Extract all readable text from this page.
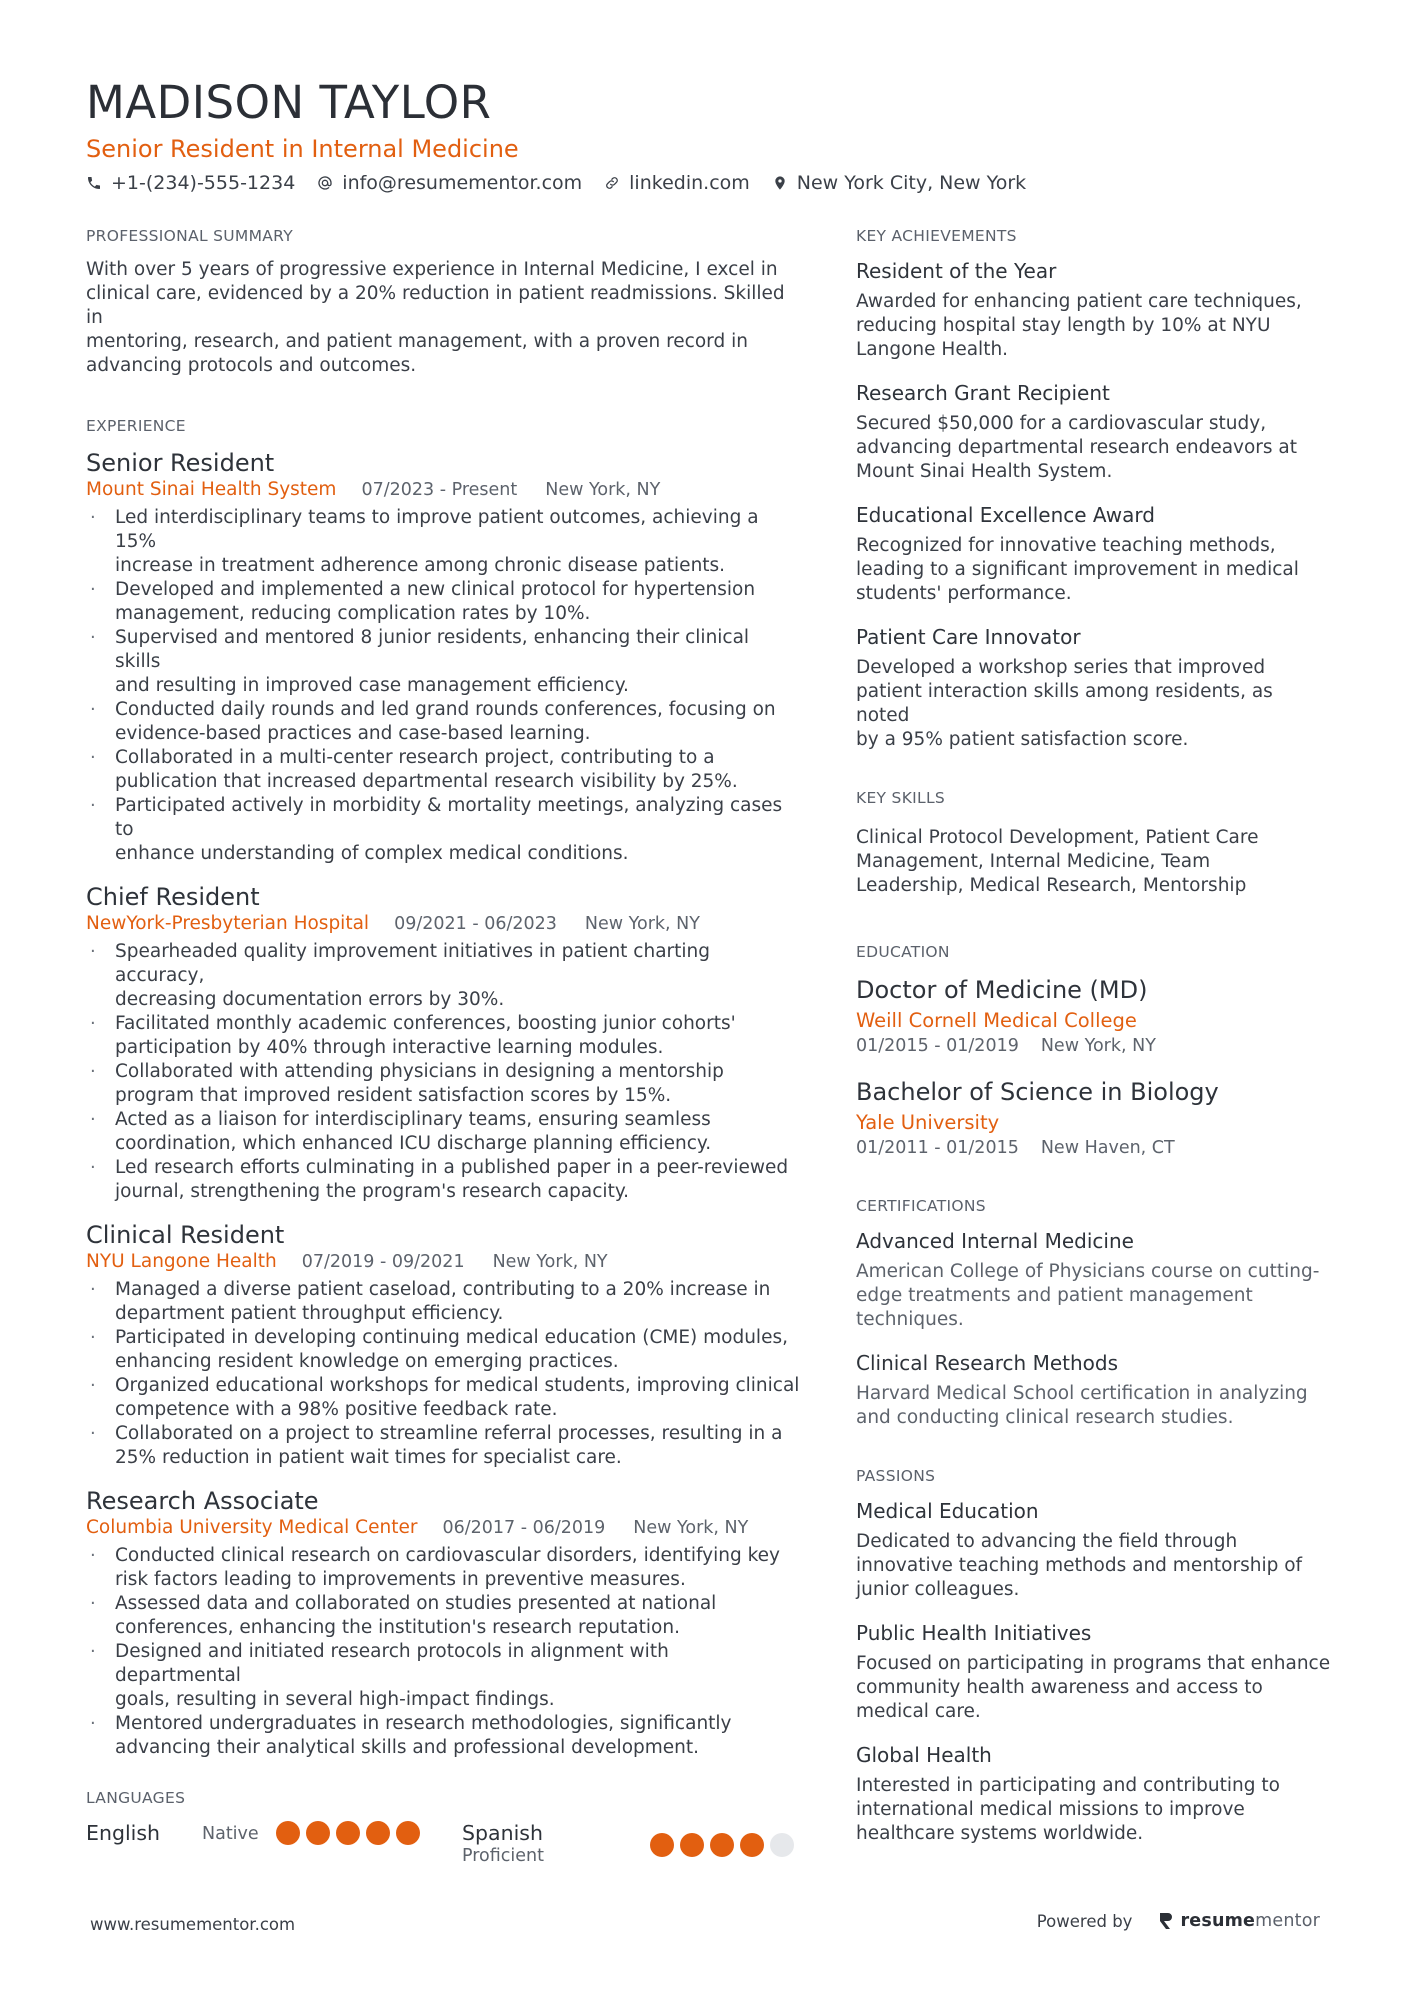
MADISON TAYLOR
Senior Resident in Internal Medicine
+1-(234)-555-1234 info@resumementor.com linkedin.com New York City, New York
PROFESSIONAL SUMMARY

With over 5 years of progressive experience in Internal Medicine, I excel in
clinical care, evidenced by a 20% reduction in patient readmissions. Skilled in
mentoring, research, and patient management, with a proven record in
advancing protocols and outcomes.

EXPERIENCE
Senior Resident
Mount Sinai Health System 07/2023 - Present New York, NY
· Led interdisciplinary teams to improve patient outcomes, achieving a 15%
increase in treatment adherence among chronic disease patients.
· Developed and implemented a new clinical protocol for hypertension
management, reducing complication rates by 10%.
· Supervised and mentored 8 junior residents, enhancing their clinical skills
and resulting in improved case management efficiency.
· Conducted daily rounds and led grand rounds conferences, focusing on
evidence-based practices and case-based learning.
· Collaborated in a multi-center research project, contributing to a
publication that increased departmental research visibility by 25%.
· Participated actively in morbidity & mortality meetings, analyzing cases to
enhance understanding of complex medical conditions.
Chief Resident
NewYork-Presbyterian Hospital 09/2021 - 06/2023 New York, NY
· Spearheaded quality improvement initiatives in patient charting accuracy,
decreasing documentation errors by 30%.
· Facilitated monthly academic conferences, boosting junior cohorts'
participation by 40% through interactive learning modules.
· Collaborated with attending physicians in designing a mentorship
program that improved resident satisfaction scores by 15%.
· Acted as a liaison for interdisciplinary teams, ensuring seamless
coordination, which enhanced ICU discharge planning efficiency.
· Led research efforts culminating in a published paper in a peer-reviewed
journal, strengthening the program's research capacity.
Clinical Resident
NYU Langone Health 07/2019 - 09/2021 New York, NY
· Managed a diverse patient caseload, contributing to a 20% increase in
department patient throughput efficiency.
· Participated in developing continuing medical education (CME) modules,
enhancing resident knowledge on emerging practices.
· Organized educational workshops for medical students, improving clinical
competence with a 98% positive feedback rate.
· Collaborated on a project to streamline referral processes, resulting in a
25% reduction in patient wait times for specialist care.
Research Associate
Columbia University Medical Center 06/2017 - 06/2019 New York, NY
· Conducted clinical research on cardiovascular disorders, identifying key
risk factors leading to improvements in preventive measures.
· Assessed data and collaborated on studies presented at national
conferences, enhancing the institution's research reputation.
· Designed and initiated research protocols in alignment with departmental
goals, resulting in several high-impact findings.
· Mentored undergraduates in research methodologies, significantly
advancing their analytical skills and professional development.
LANGUAGES
English	Native	Spanish
Proficient
KEY ACHIEVEMENTS
Resident of the Year
Awarded for enhancing patient care techniques,
reducing hospital stay length by 10% at NYU
Langone Health.
Research Grant Recipient
Secured $50,000 for a cardiovascular study,
advancing departmental research endeavors at
Mount Sinai Health System.
Educational Excellence Award
Recognized for innovative teaching methods,
leading to a significant improvement in medical
students' performance.
Patient Care Innovator
Developed a workshop series that improved
patient interaction skills among residents, as noted
by a 95% patient satisfaction score.
KEY SKILLS

Clinical Protocol Development, Patient Care
Management, Internal Medicine, Team
Leadership, Medical Research, Mentorship

EDUCATION
Doctor of Medicine (MD)
Weill Cornell Medical College
01/2015 - 01/2019 New York, NY
Bachelor of Science in Biology
Yale University
01/2011 - 01/2015 New Haven, CT
CERTIFICATIONS
Advanced Internal Medicine
American College of Physicians course on cutting-
edge treatments and patient management
techniques.
Clinical Research Methods
Harvard Medical School certification in analyzing
and conducting clinical research studies.
PASSIONS
Medical Education
Dedicated to advancing the field through
innovative teaching methods and mentorship of
junior colleagues.
Public Health Initiatives
Focused on participating in programs that enhance
community health awareness and access to
medical care.
Global Health
Interested in participating and contributing to
international medical missions to improve
healthcare systems worldwide.
www.resumementor.com	Powered by	resume mentor
